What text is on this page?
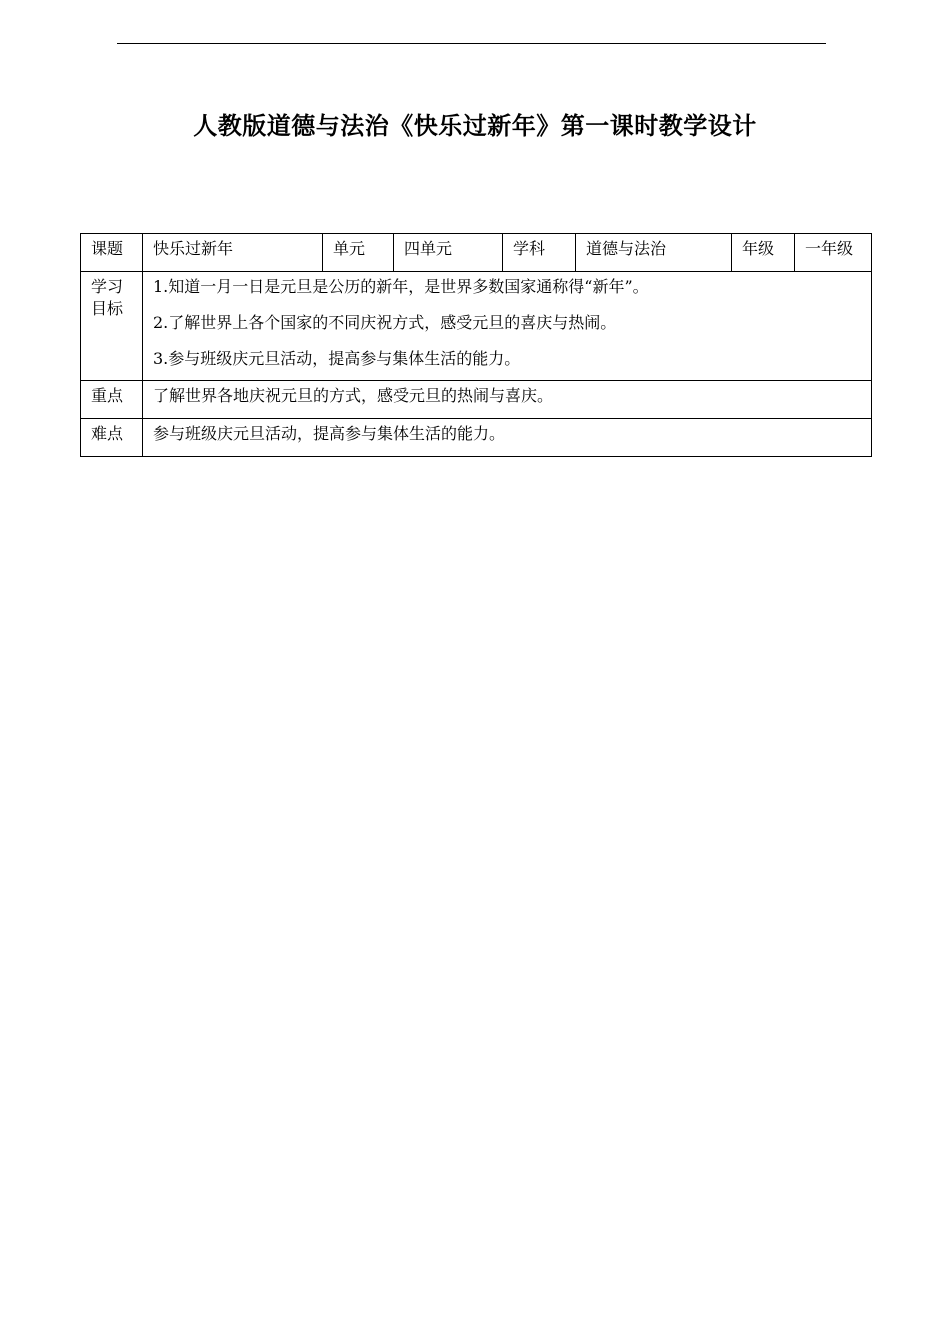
人教版道德与法治《快乐过新年》第一课时教学设计
课题	快乐过新年	单元	四单元	学科	道德与法治	年级	一年级

学习
目标	1.知道一月一日是元旦是公历的新年，是世界多数国家通称得“新年”。
2.了解世界上各个国家的不同庆祝方式，感受元旦的喜庆与热闹。
3.参与班级庆元旦活动，提高参与集体生活的能力。						

重点	了解世界各地庆祝元旦的方式，感受元旦的热闹与喜庆。						
难点	参与班级庆元旦活动，提高参与集体生活的能力。						
